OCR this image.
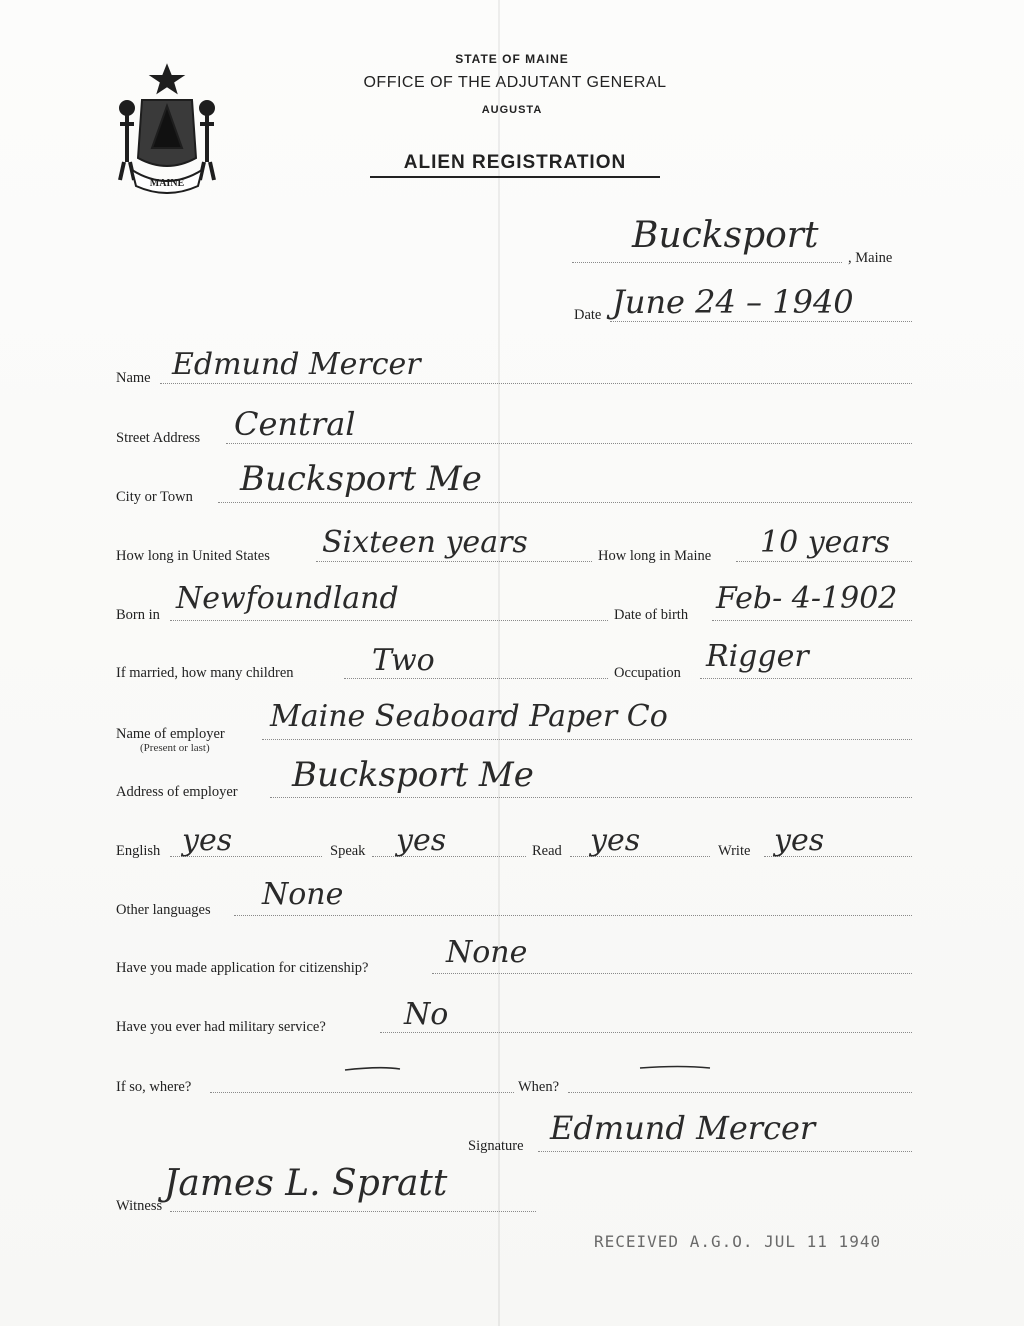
MAINE
STATE OF MAINE
OFFICE OF THE ADJUTANT GENERAL
AUGUSTA
ALIEN REGISTRATION
Bucksport
, Maine
Date June 24 – 1940
Name Edmund Mercer
Street Address Central
City or Town Bucksport Me
How long in United States Sixteen years	How long in Maine 10 years
Born in Newfoundland	Date of birth Feb- 4-1902
If married, how many children	Two	Occupation Rigger
Name of employer
(Present or last)
Maine Seaboard Paper Co
Address of employer Bucksport Me
English yes	Speak yes	Read yes	Write yes
Other languages None
Have you made application for citizenship?	None
Have you ever had military service?	No
If so, where?	When?
Signature Edmund Mercer
Witness
James L. Spratt
RECEIVED A.G.O. JUL 11 1940
